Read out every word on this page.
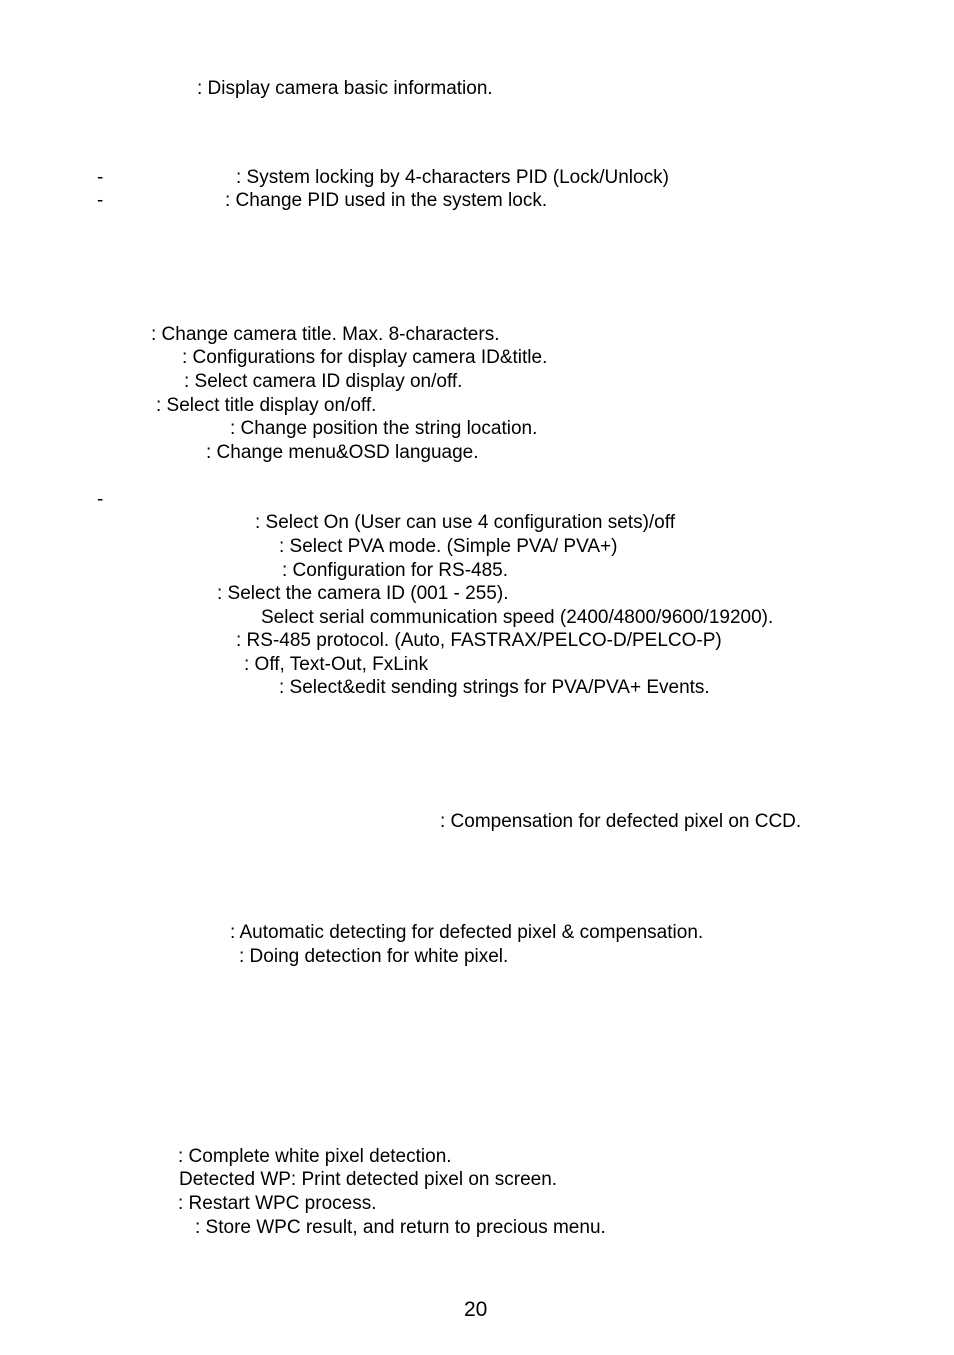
: Display camera basic information.
-	: System locking by 4-characters PID (Lock/Unlock)
-	: Change PID used in the system lock.
: Change camera title. Max. 8-characters.
: Configurations for display camera ID&title.
: Select camera ID display on/off.
: Select title display on/off.
: Change position the string location.
: Change menu&OSD language.
-
: Select On (User can use 4 configuration sets)/off
: Select PVA mode. (Simple PVA/ PVA+)
: Configuration for RS-485.
: Select the camera ID (001 - 255).
Select serial communication speed (2400/4800/9600/19200).
: RS-485 protocol. (Auto, FASTRAX/PELCO-D/PELCO-P)
: Off, Text-Out, FxLink
: Select&edit sending strings for PVA/PVA+ Events.
: Compensation for defected pixel on CCD.
: Automatic detecting for defected pixel & compensation.
: Doing detection for white pixel.
: Complete white pixel detection.
Detected WP: Print detected pixel on screen.
: Restart WPC process.
: Store WPC result, and return to precious menu.
20
